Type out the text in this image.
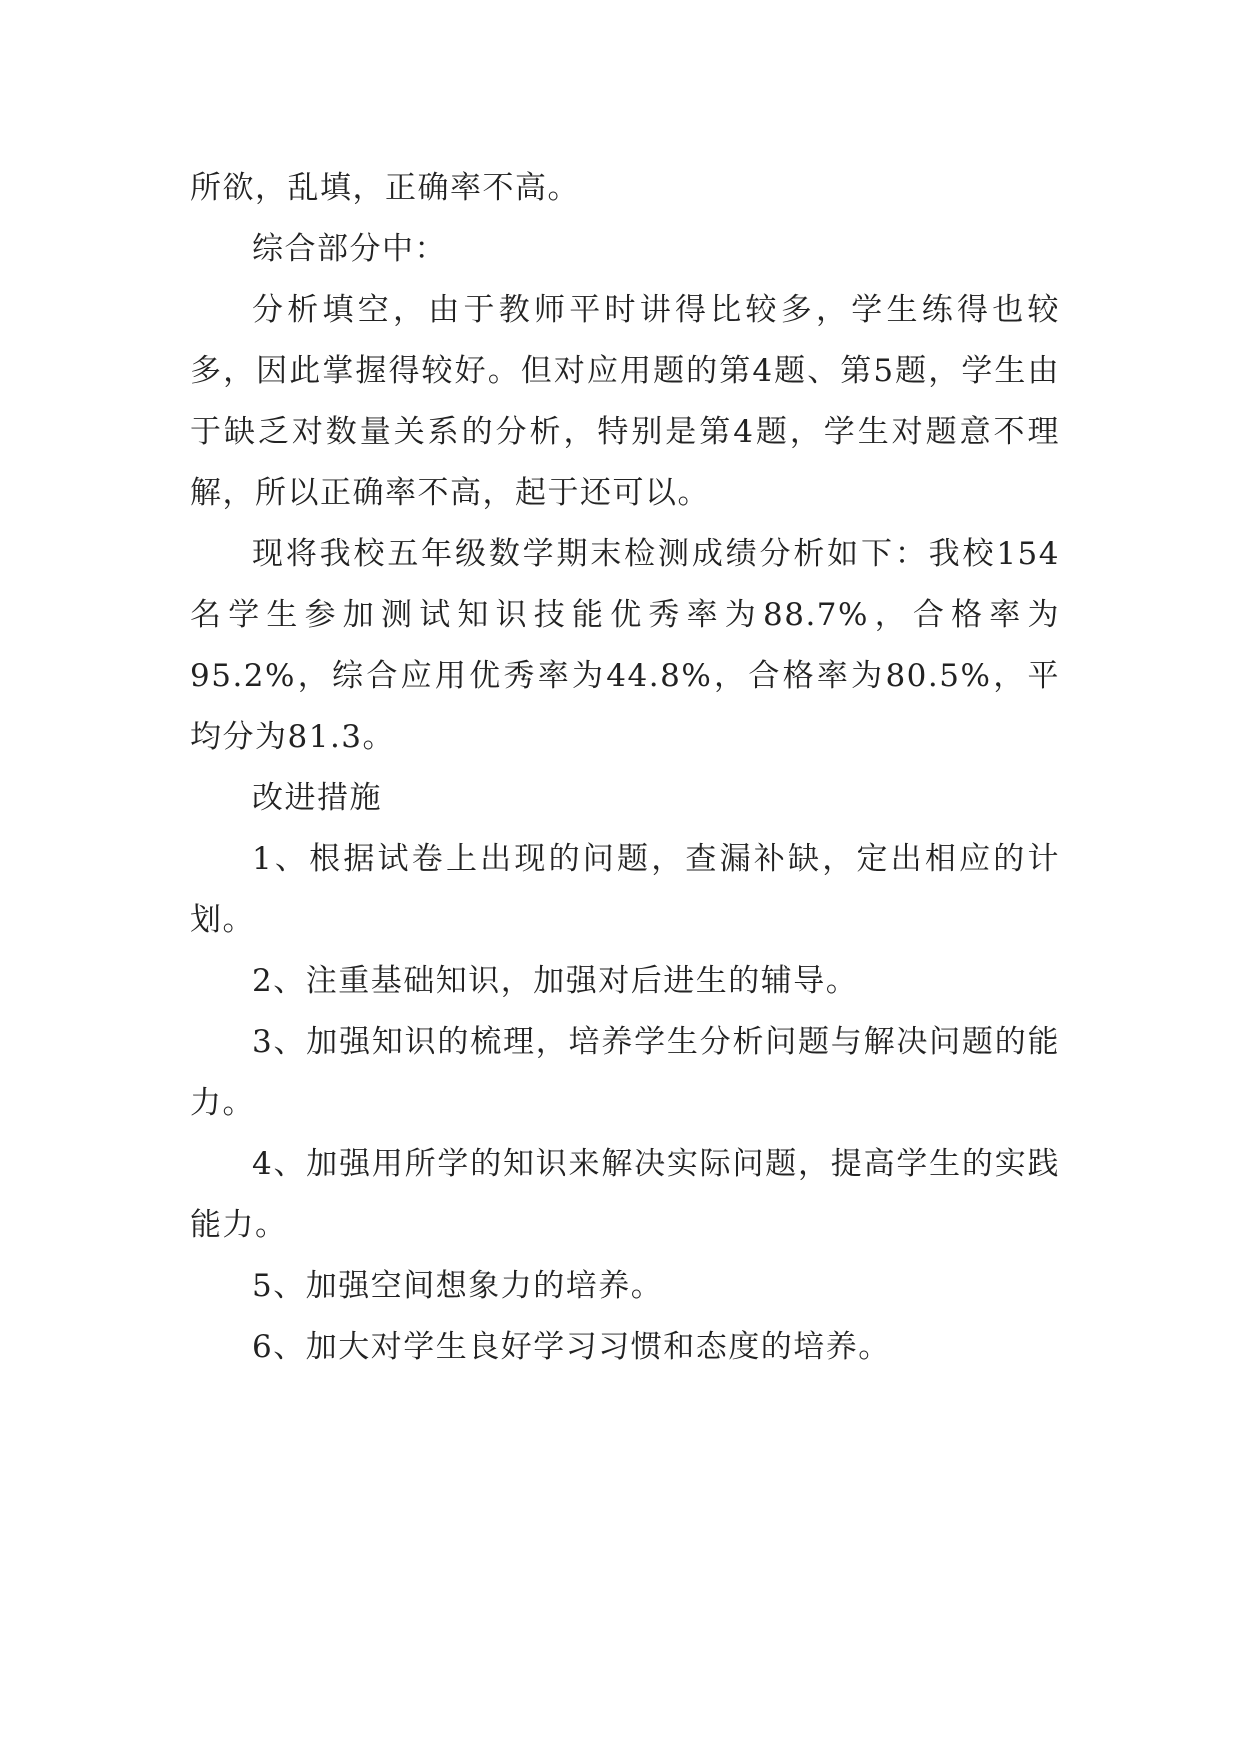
所欲，乱填，正确率不高。

综合部分中：

分析填空，由于教师平时讲得比较多，学生练得也较多，因此掌握得较好。但对应用题的第4题、第5题，学生由于缺乏对数量关系的分析，特别是第4题，学生对题意不理解，所以正确率不高，起于还可以。

现将我校五年级数学期末检测成绩分析如下：我校154名学生参加测试知识技能优秀率为88.7%，合格率为95.2%，综合应用优秀率为44.8%，合格率为80.5%，平均分为81.3。

改进措施

1、根据试卷上出现的问题，查漏补缺，定出相应的计划。

2、注重基础知识，加强对后进生的辅导。

3、加强知识的梳理，培养学生分析问题与解决问题的能力。

4、加强用所学的知识来解决实际问题，提高学生的实践能力。

5、加强空间想象力的培养。

6、加大对学生良好学习习惯和态度的培养。
